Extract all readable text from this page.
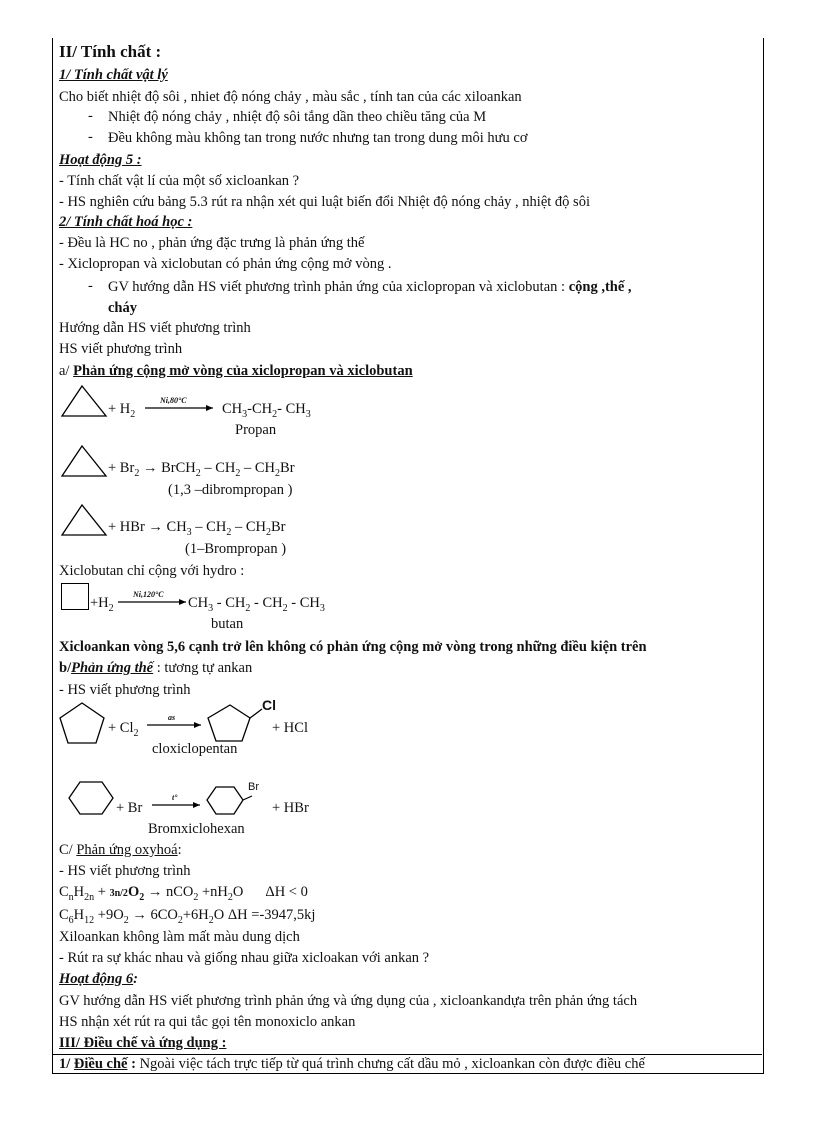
II/ Tính chất :
1/ Tính chất vật lý
Cho biết nhiệt độ sôi , nhiet độ nóng chảy , màu sắc , tính tan của các xiloankan
- Nhiệt độ nóng chảy , nhiệt độ sôi tắng dần theo chiều tăng của M
- Đều không màu không tan trong nước nhưng tan trong dung môi hưu cơ
Hoạt động 5 :
- Tính chất vật lí của một số xicloankan ?
- HS nghiên cứu bảng 5.3 rút ra nhận xét qui luật biến đổi Nhiệt độ nóng chảy , nhiệt độ sôi
2/ Tính chất hoá học :
- Đều là HC no , phản ứng đặc trưng là phản ứng thế
- Xiclopropan và xiclobutan có phản ứng cộng mở vòng .
- GV hướng dẫn HS viết phương trình phản ứng của xiclopropan và xiclobutan : cộng ,thế ,
cháy
Hướng dẫn HS viết phương trình
HS viết phương trình
a/ Phản ứng cộng mở vòng của xiclopropan và xiclobutan
+ $H_2$
Ni,80°C
$CH_3-CH_2-$ $CH_3$
Propan
+ $Br_2$ → BrCH$_2$ – $CH_2 - CH_2Br$
(1,3 –dibrompropan )
+ HBr → $CH_3 - CH_2 - CH_2Br$
(1–Brompropan )
Xiclobutan chỉ cộng với hydro :
$+H_2$
Ni,120°C
$CH_3 - CH_2 - CH_2 - CH_3$
butan
Xicloankan vòng 5,6 cạnh trở lên không có phản ứng cộng mở vòng trong những điều kiện trên
b/Phản ứng thế : tương tự ankan
- HS viết phương trình
+ $Cl_2$
as
Cl
+ HCl
cloxiclopentan
+ Br
t°
Br
+ HBr
Bromxiclohexan
C/ Phản ứng oxyhoá:
- HS viết phương trình
$C_nH_{2n} + 3n/2O_2 \to nCO_2 +nH_2O$ ΔH < 0
$C_6H_{12} +9O_2 \to 6CO_2+6H_2O$ ΔH =-3947,5kj
Xiloankan không làm mất màu dung dịch
- Rút ra sự khác nhau và giống nhau giữa xicloakan với ankan ?
Hoạt động 6:
GV hướng dẫn HS viết phương trình phản ứng và ứng dụng của , xicloankandựa trên phản ứng tách
HS nhận xét rút ra qui tắc gọi tên monoxiclo ankan
III/ Điều chế và ứng dụng :
1/ Điều chế : Ngoài việc tách trực tiếp từ quá trình chưng cất dầu mỏ , xicloankan còn được điều chế
